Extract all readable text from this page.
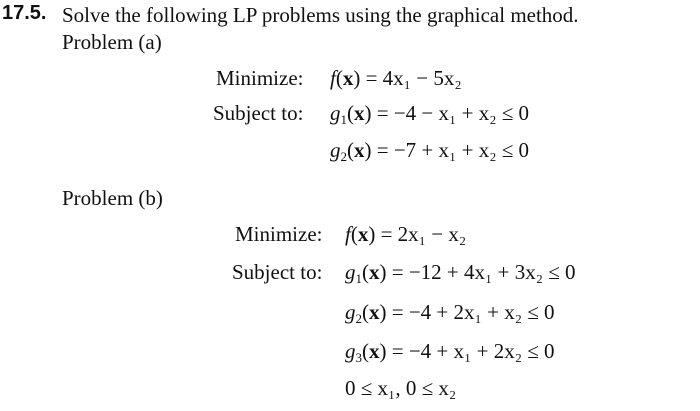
17.5. Solve the following LP problems using the graphical method.
Problem (a)
Minimize:
Subject to:
f(x) = 4x₁ − 5x₂
$g_1(x) = -4 - x_1 + x_2 \le 0$
$g_2(x) = -7 + x_1 + x_2 \le 0$
Problem (b)
Minimize:
Subject to:
f(x) = 2x₁ − x₂
$g_1(x) = -12 + 4x_1 + 3x_2 \le 0$
$g_2(x) = -4 + 2x_1 + x_2 \le 0$
$g_3(x) = -4 + x_1 + 2x_2 \le 0$
0 ≤ x₁, 0 ≤ x₂
